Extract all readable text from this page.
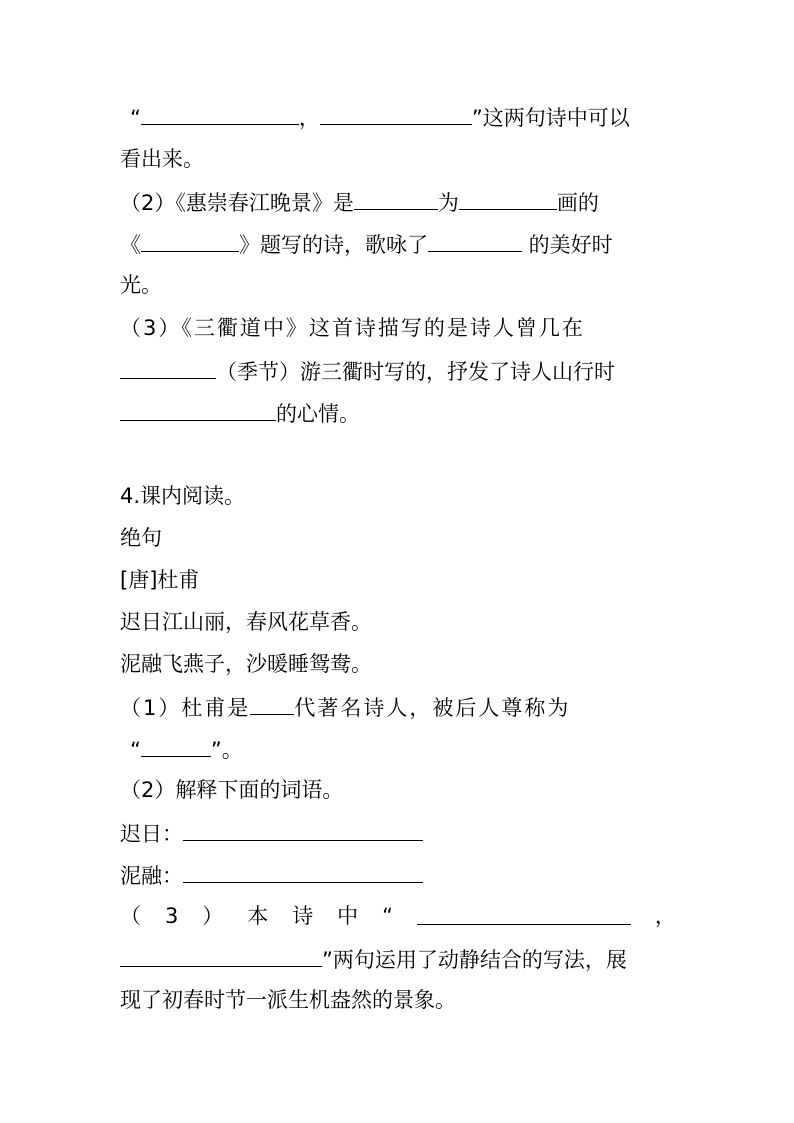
“	，	”这两句诗中可以
看出来。
（2）《惠崇春江晚景》是	为	画的
《	》题写的诗，歌咏了	的美好时
光。
（3）《三衢道中》这首诗描写的是诗人曾几在
（季节）游三衢时写的，抒发了诗人山行时
的心情。
4.课内阅读。
绝句
[唐]杜甫
迟日江山丽，春风花草香。
泥融飞燕子，沙暖睡鸳鸯。
（1）杜甫是 代著名诗人，被后人尊称为
“	”。
（2）解释下面的词语。
迟日：
泥融：
（ 3 ） 本 诗 中 “	，
”两句运用了动静结合的写法，展
现了初春时节一派生机盎然的景象。
